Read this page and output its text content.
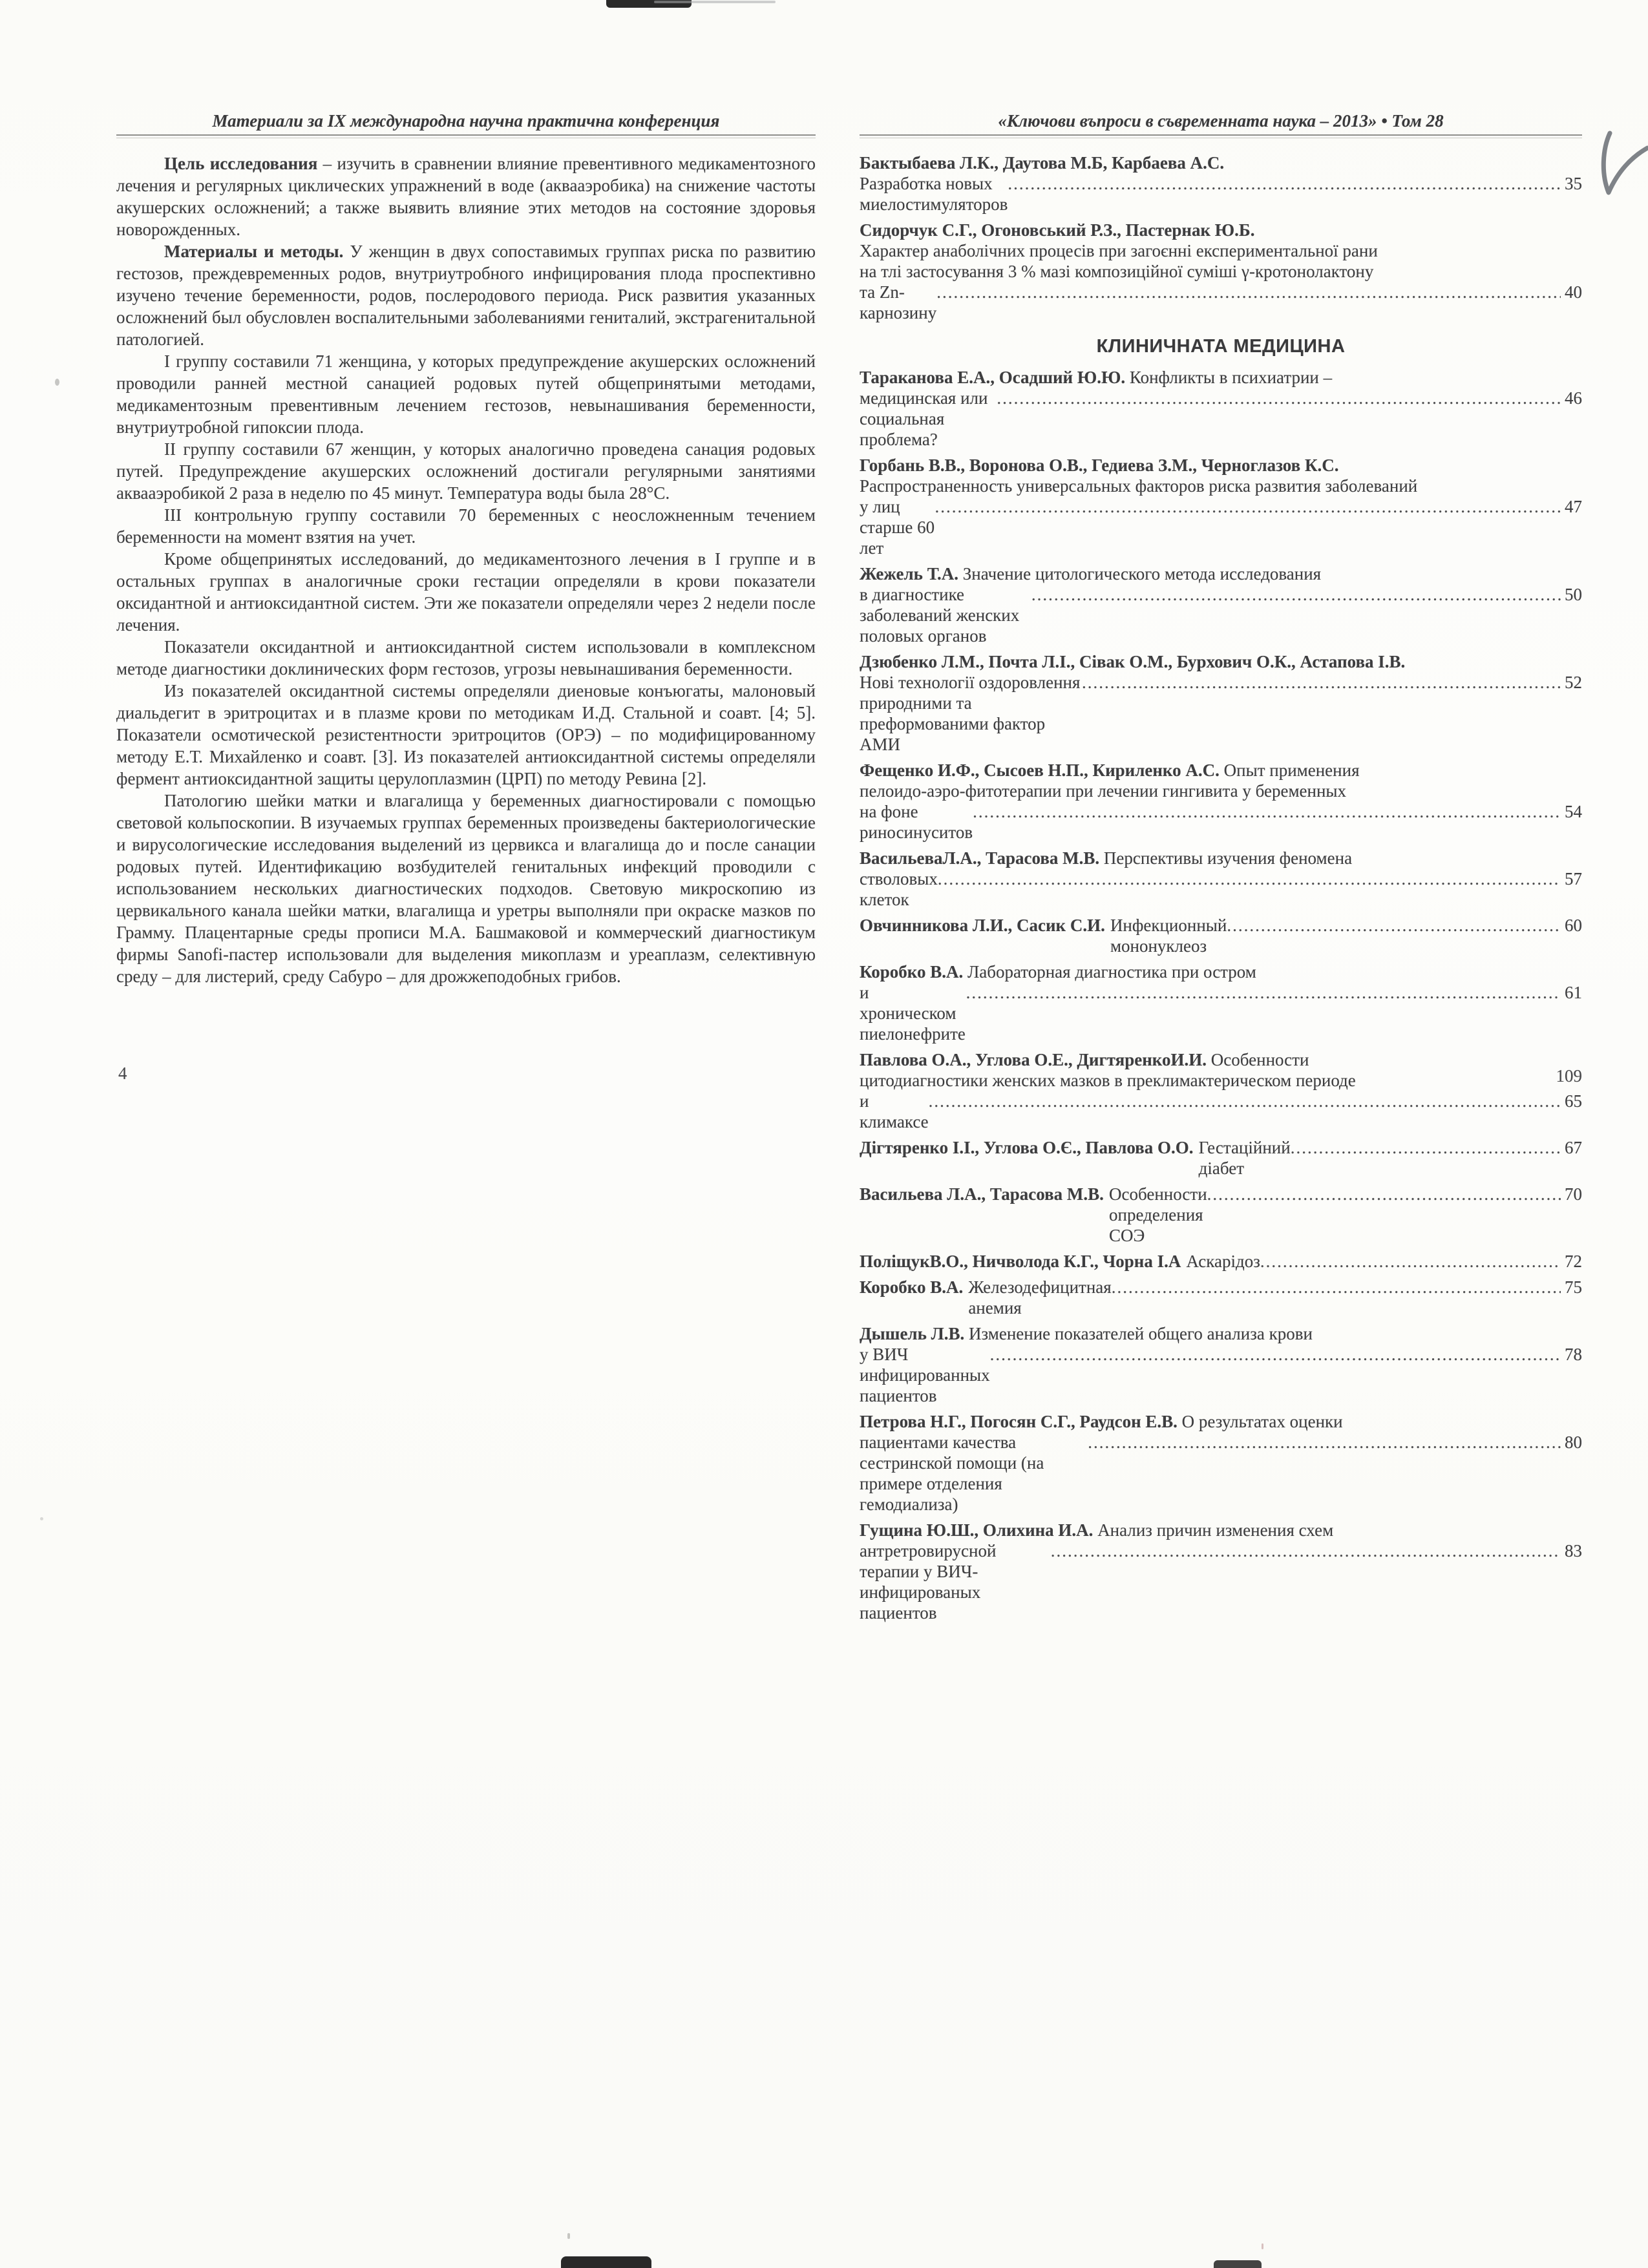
Материали за IX международна научна практична конференция

Цель исследования – изучить в сравнении влияние превентивного медикаментозного лечения и регулярных циклических упражнений в воде (аквааэробика) на снижение частоты акушерских осложнений; а также выявить влияние этих методов на состояние здоровья новорожденных.

Материалы и методы. У женщин в двух сопоставимых группах риска по развитию гестозов, преждевременных родов, внутриутробного инфицирования плода проспективно изучено течение беременности, родов, послеродового периода. Риск развития указанных осложнений был обусловлен воспалительными заболеваниями гениталий, экстрагенитальной патологией.

I группу составили 71 женщина, у которых предупреждение акушерских осложнений проводили ранней местной санацией родовых путей общепринятыми методами, медикаментозным превентивным лечением гестозов, невынашивания беременности, внутриутробной гипоксии плода.

II группу составили 67 женщин, у которых аналогично проведена санация родовых путей. Предупреждение акушерских осложнений достигали регулярными занятиями аквааэробикой 2 раза в неделю по 45 минут. Температура воды была 28°С.

III контрольную группу составили 70 беременных с неосложненным течением беременности на момент взятия на учет.

Кроме общепринятых исследований, до медикаментозного лечения в I группе и в остальных группах в аналогичные сроки гестации определяли в крови показатели оксидантной и антиоксидантной систем. Эти же показатели определяли через 2 недели после лечения.

Показатели оксидантной и антиоксидантной систем использовали в комплексном методе диагностики доклинических форм гестозов, угрозы невынашивания беременности.

Из показателей оксидантной системы определяли диеновые конъюгаты, малоновый диальдегит в эритроцитах и в плазме крови по методикам И.Д. Стальной и соавт. [4; 5]. Показатели осмотической резистентности эритроцитов (ОРЭ) – по модифицированному методу Е.Т. Михайленко и соавт. [3]. Из показателей антиоксидантной системы определяли фермент антиоксидантной защиты церулоплазмин (ЦРП) по методу Ревина [2].

Патологию шейки матки и влагалища у беременных диагностировали с помощью световой кольпоскопии. В изучаемых группах беременных произведены бактериологические и вирусологические исследования выделений из цервикса и влагалища до и после санации родовых путей. Идентификацию возбудителей генитальных инфекций проводили с использованием нескольких диагностических подходов. Световую микроскопию из цервикального канала шейки матки, влагалища и уретры выполняли при окраске мазков по Грамму. Плацентарные среды прописи М.А. Башмаковой и коммерческий диагностикум фирмы Sanofi-пастер использовали для выделения микоплазм и уреаплазм, селективную среду – для листерий, среду Сабуро – для дрожжеподобных грибов.

«Ключови въпроси в съвременната наука – 2013» • Том 28
Бактыбаева Л.К., Даутова М.Б, Карбаева А.С.
Разработка новых миелостимуляторов
.....
35
Сидорчук С.Г., Огоновський Р.З., Пастернак Ю.Б.
Характер анаболічних процесів при загоєнні експериментальної рани
на тлі застосування 3 % мазі композиційної суміші γ-кротонолактону
та Zn-карнозину
.....
40
КЛИНИЧНАТА МЕДИЦИНА
Тараканова Е.А., Осадший Ю.Ю. Конфликты в психиатрии –
медицинская или социальная проблема?
.....
46
Горбань В.В., Воронова О.В., Гедиева З.М., Черноглазов К.С.
Распространенность универсальных факторов риска развития заболеваний
у лиц старше 60 лет
.....
47
Жежель Т.А. Значение цитологического метода исследования
в диагностике заболеваний женских половых органов
.....
50
Дзюбенко Л.М., Почта Л.І., Сівак О.М., Бурхович О.К., Астапова І.В.
Нові технології оздоровлення природними та преформованими фактор АМИ
.....
52
Фещенко И.Ф., Сысоев Н.П., Кириленко А.С. Опыт применения
пелоидо-аэро-фитотерапии при лечении гингивита у беременных
на фоне риносинуситов
.....
54
ВасильеваЛ.А., Тарасова М.В. Перспективы изучения феномена
стволовых клеток
.....
57
Овчинникова Л.И., Сасик С.И. Инфекционный мононуклеоз
.....
60
Коробко В.А. Лабораторная диагностика при остром
и хроническом пиелонефрите
.....
61
Павлова О.А., Углова О.Е., ДигтяренкоИ.И. Особенности
цитодиагностики женских мазков в преклимактерическом периоде
и климаксе
.....
65
Дігтяренко І.І., Углова О.Є., Павлова О.О. Гестаційний діабет
.....
67
Васильева Л.А., Тарасова М.В. Особенности определения СОЭ
.....
70
ПоліщукВ.О., Ничволода К.Г., Чорна І.А Аскарідоз .....	72
Коробко В.А. Железодефицитная анемия
.....
75
Дышель Л.В. Изменение показателей общего анализа крови
у ВИЧ инфицированных пациентов
.....
78
Петрова Н.Г., Погосян С.Г., Раудсон Е.В. О результатах оценки
пациентами качества сестринской помощи (на примере отделения гемодиализа)
.....
80
Гущина Ю.Ш., Олихина И.А. Анализ причин изменения схем
антретровирусной терапии у ВИЧ-инфицированых пациентов
.....
83
4	109
